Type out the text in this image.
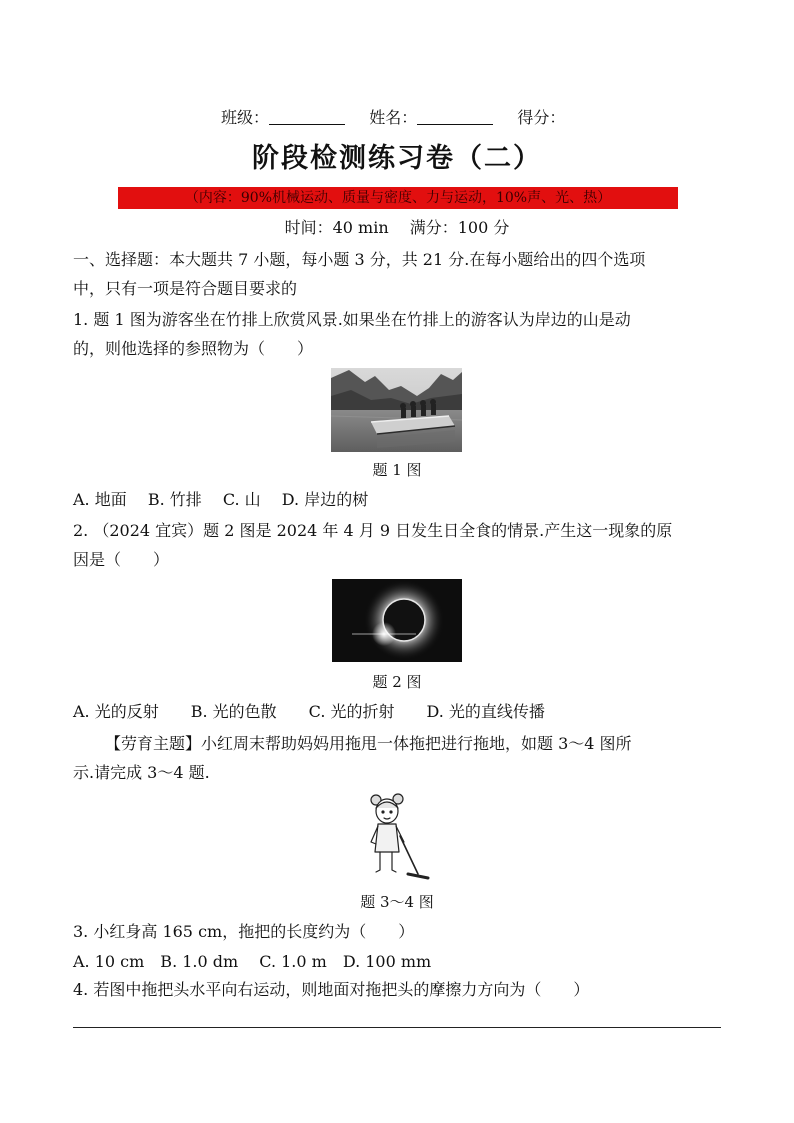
班级：	姓名：	得分：
阶段检测练习卷（二）
（内容：90%机械运动、质量与密度、力与运动，10%声、光、热）
时间：40 min　 满分：100 分
一、选择题：本大题共 7 小题，每小题 3 分，共 21 分.在每小题给出的四个选项
中，只有一项是符合题目要求的
1. 题 1 图为游客坐在竹排上欣赏风景.如果坐在竹排上的游客认为岸边的山是动
的，则他选择的参照物为（　　）
题 1 图
A. 地面　 B. 竹排　 C. 山　 D. 岸边的树
2. （2024 宜宾）题 2 图是 2024 年 4 月 9 日发生日全食的情景.产生这一现象的原
因是（　　）
题 2 图
A. 光的反射　　B. 光的色散　　C. 光的折射　　D. 光的直线传播
【劳育主题】小红周末帮助妈妈用拖甩一体拖把进行拖地，如题 3～4 图所
示.请完成 3～4 题.
题 3～4 图
3. 小红身高 165 cm，拖把的长度约为（　　）
A. 10 cm　B. 1.0 dm　 C. 1.0 m　D. 100 mm
4. 若图中拖把头水平向右运动，则地面对拖把头的摩擦力方向为（　　）
